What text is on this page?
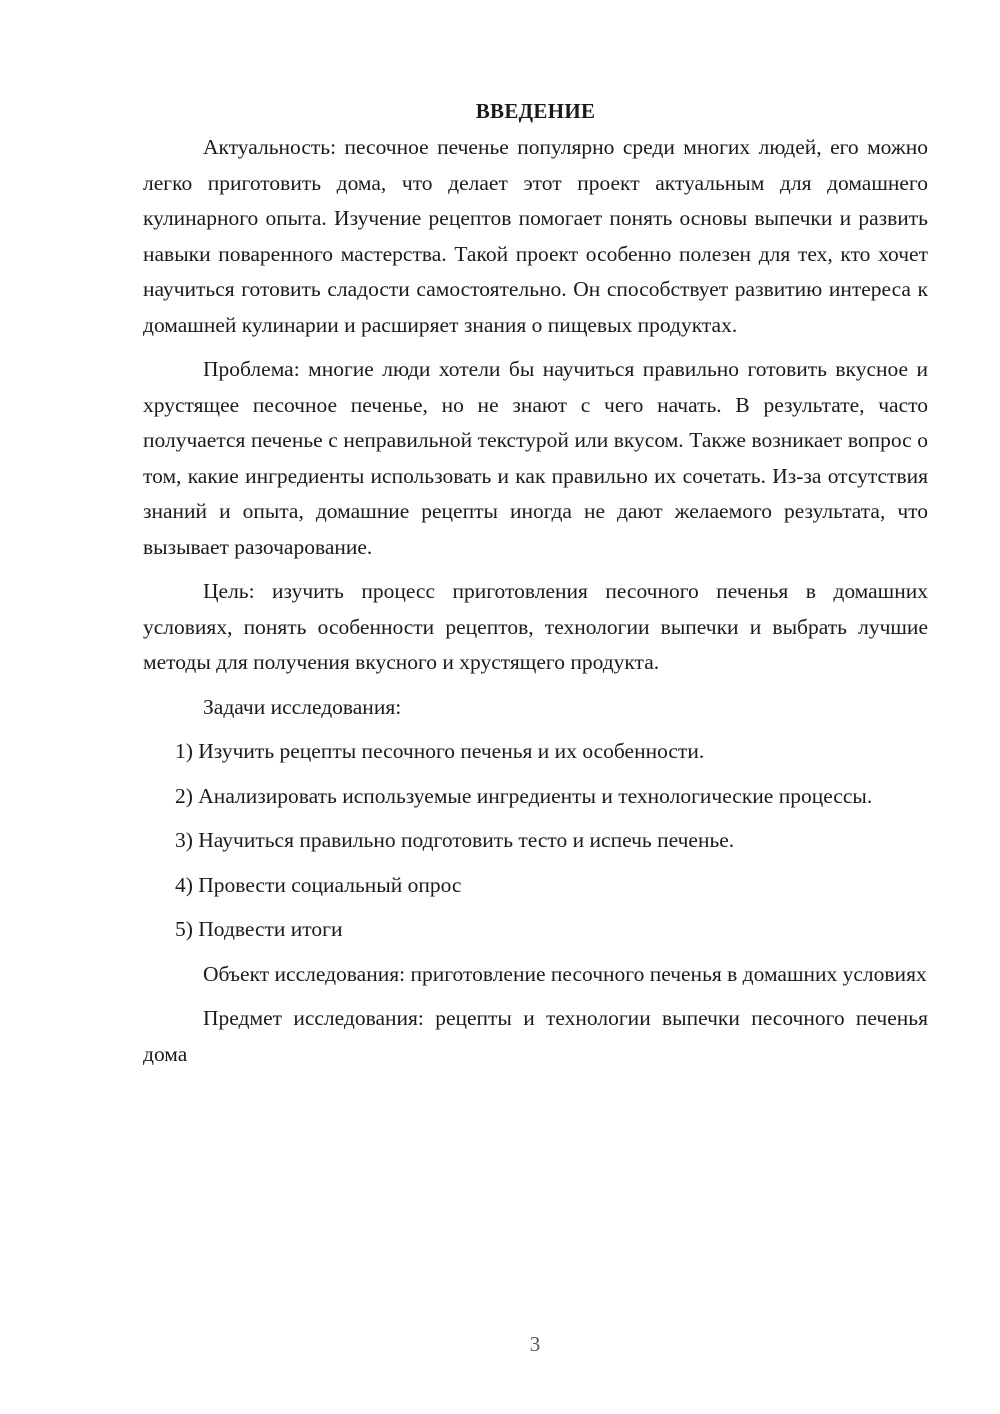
ВВЕДЕНИЕ

Актуальность: песочное печенье популярно среди многих людей, его можно легко приготовить дома, что делает этот проект актуальным для домашнего кулинарного опыта. Изучение рецептов помогает понять основы выпечки и развить навыки поваренного мастерства. Такой проект особенно полезен для тех, кто хочет научиться готовить сладости самостоятельно. Он способствует развитию интереса к домашней кулинарии и расширяет знания о пищевых продуктах.

Проблема: многие люди хотели бы научиться правильно готовить вкусное и хрустящее песочное печенье, но не знают с чего начать. В результате, часто получается печенье с неправильной текстурой или вкусом. Также возникает вопрос о том, какие ингредиенты использовать и как правильно их сочетать. Из-за отсутствия знаний и опыта, домашние рецепты иногда не дают желаемого результата, что вызывает разочарование.

Цель: изучить процесс приготовления песочного печенья в домашних условиях, понять особенности рецептов, технологии выпечки и выбрать лучшие методы для получения вкусного и хрустящего продукта.

Задачи исследования:

1) Изучить рецепты песочного печенья и их особенности.

2) Анализировать используемые ингредиенты и технологические процессы.

3) Научиться правильно подготовить тесто и испечь печенье.

4) Провести социальный опрос

5) Подвести итоги

Объект исследования: приготовление песочного печенья в домашних условиях

Предмет исследования: рецепты и технологии выпечки песочного печенья дома

3
